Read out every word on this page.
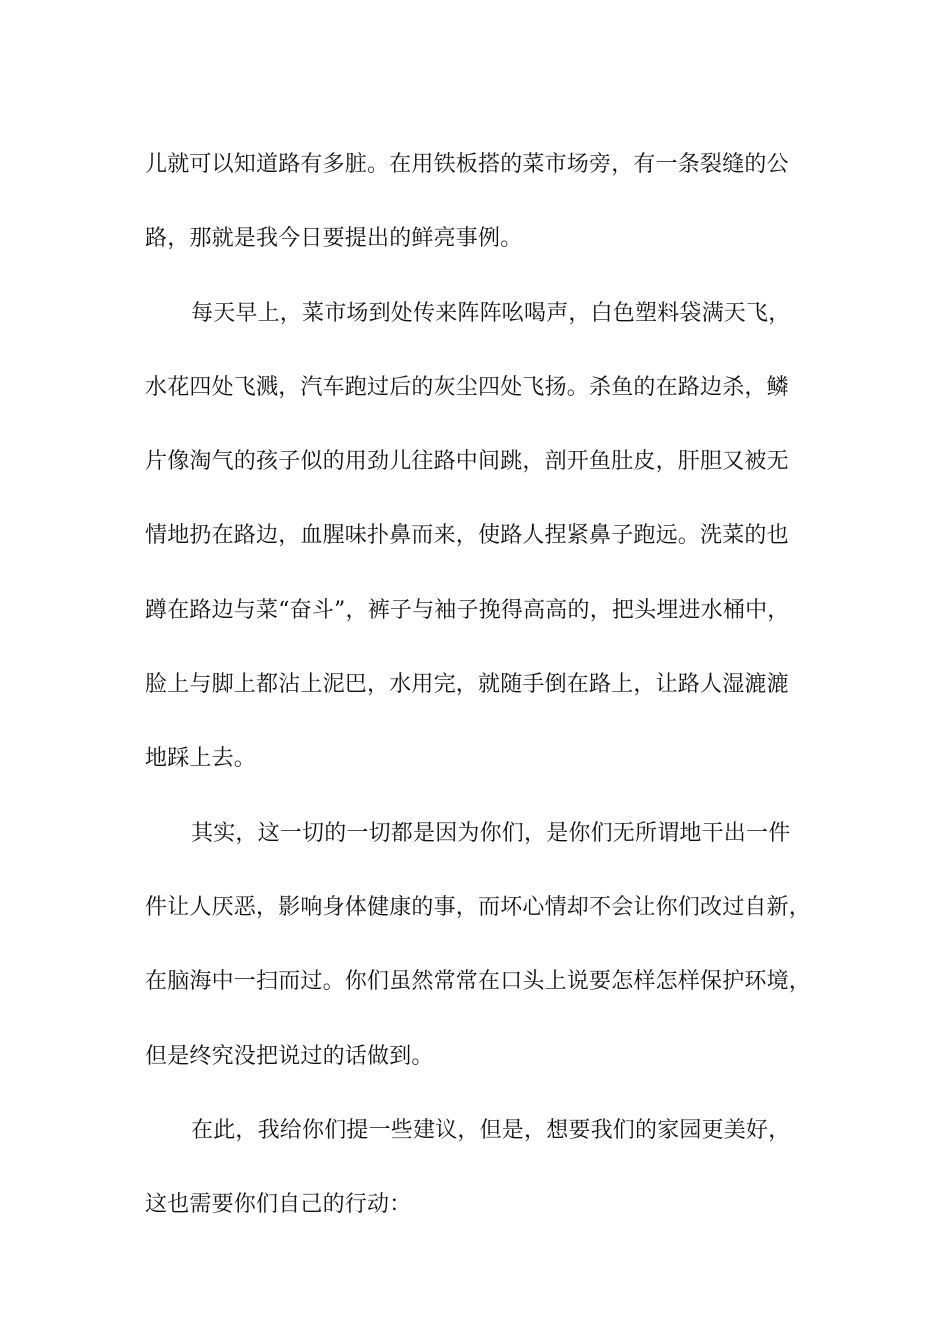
儿就可以知道路有多脏。在用铁板搭的菜市场旁，有一条裂缝的公
路，那就是我今日要提出的鲜亮事例。
每天早上，菜市场到处传来阵阵吆喝声，白色塑料袋满天飞，
水花四处飞溅，汽车跑过后的灰尘四处飞扬。杀鱼的在路边杀，鳞
片像淘气的孩子似的用劲儿往路中间跳，剖开鱼肚皮，肝胆又被无
情地扔在路边，血腥味扑鼻而来，使路人捏紧鼻子跑远。洗菜的也
蹲在路边与菜“奋斗”，裤子与袖子挽得高高的，把头埋进水桶中，
脸上与脚上都沾上泥巴，水用完，就随手倒在路上，让路人湿漉漉
地踩上去。
其实，这一切的一切都是因为你们，是你们无所谓地干出一件
件让人厌恶，影响身体健康的事，而坏心情却不会让你们改过自新，
在脑海中一扫而过。你们虽然常常在口头上说要怎样怎样保护环境，
但是终究没把说过的话做到。
在此，我给你们提一些建议，但是，想要我们的家园更美好，
这也需要你们自己的行动：
